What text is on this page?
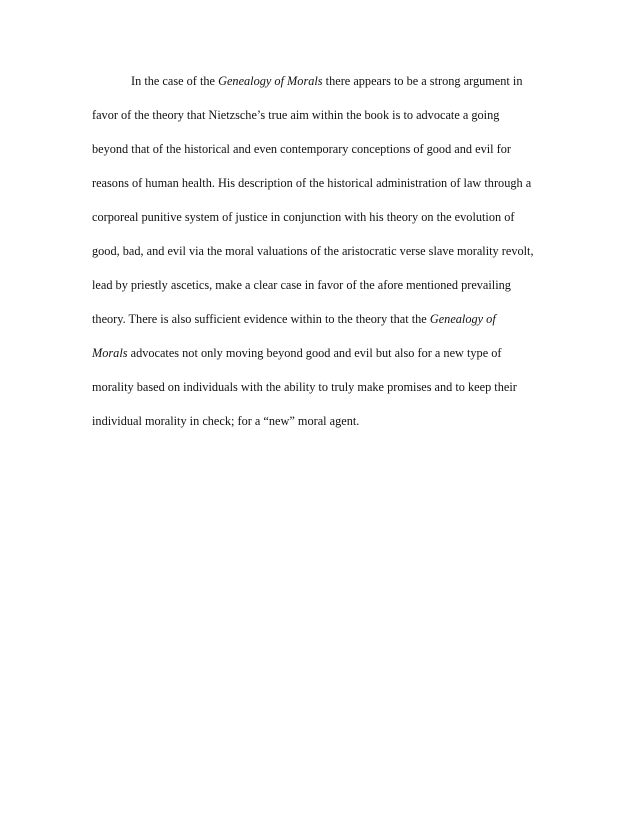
In the case of the Genealogy of Morals there appears to be a strong argument in
favor of the theory that Nietzsche’s true aim within the book is to advocate a going
beyond that of the historical and even contemporary conceptions of good and evil for
reasons of human health. His description of the historical administration of law through a
corporeal punitive system of justice in conjunction with his theory on the evolution of
good, bad, and evil via the moral valuations of the aristocratic verse slave morality revolt,
lead by priestly ascetics, make a clear case in favor of the afore mentioned prevailing
theory. There is also sufficient evidence within to the theory that the Genealogy of
Morals advocates not only moving beyond good and evil but also for a new type of
morality based on individuals with the ability to truly make promises and to keep their
individual morality in check; for a “new” moral agent.
